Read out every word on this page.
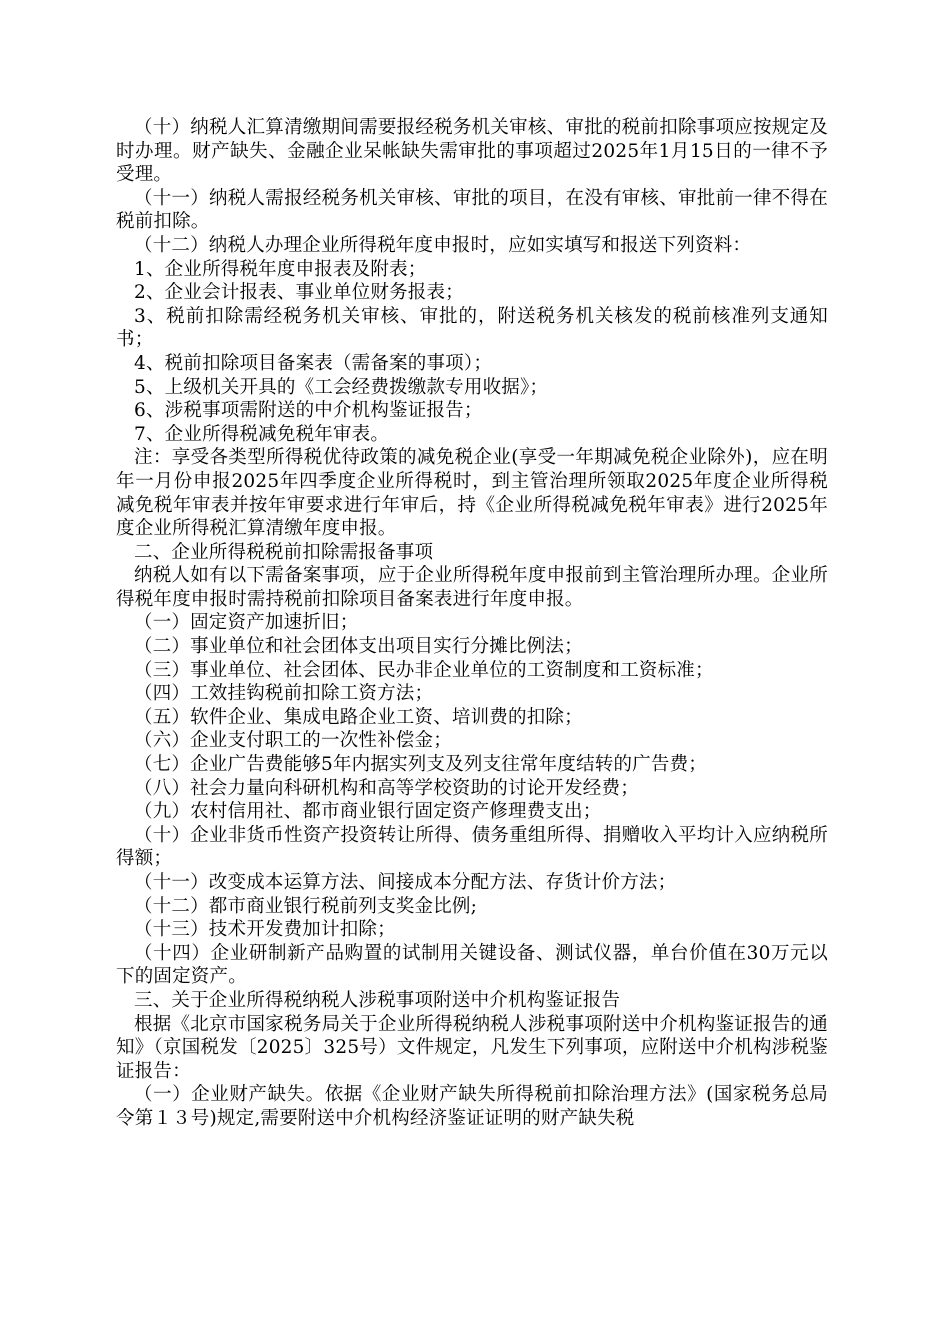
（十）纳税人汇算清缴期间需要报经税务机关审核、审批的税前扣除事项应按规定及时办理。财产缺失、金融企业呆帐缺失需审批的事项超过2025年1月15日的一律不予受理。

（十一）纳税人需报经税务机关审核、审批的项目，在没有审核、审批前一律不得在税前扣除。

（十二）纳税人办理企业所得税年度申报时，应如实填写和报送下列资料：

1、企业所得税年度申报表及附表；

2、企业会计报表、事业单位财务报表；

3、税前扣除需经税务机关审核、审批的，附送税务机关核发的税前核准列支通知书；

4、税前扣除项目备案表（需备案的事项）；

5、上级机关开具的《工会经费拨缴款专用收据》；

6、涉税事项需附送的中介机构鉴证报告；

7、企业所得税减免税年审表。

注：享受各类型所得税优待政策的减免税企业(享受一年期减免税企业除外)，应在明年一月份申报2025年四季度企业所得税时，到主管治理所领取2025年度企业所得税减免税年审表并按年审要求进行年审后，持《企业所得税减免税年审表》进行2025年度企业所得税汇算清缴年度申报。

二、企业所得税税前扣除需报备事项

纳税人如有以下需备案事项，应于企业所得税年度申报前到主管治理所办理。企业所得税年度申报时需持税前扣除项目备案表进行年度申报。

（一）固定资产加速折旧；

（二）事业单位和社会团体支出项目实行分摊比例法；

（三）事业单位、社会团体、民办非企业单位的工资制度和工资标准；

（四）工效挂钩税前扣除工资方法；

（五）软件企业、集成电路企业工资、培训费的扣除；

（六）企业支付职工的一次性补偿金；

（七）企业广告费能够5年内据实列支及列支往常年度结转的广告费；

（八）社会力量向科研机构和高等学校资助的讨论开发经费；

（九）农村信用社、都市商业银行固定资产修理费支出；

（十）企业非货币性资产投资转让所得、债务重组所得、捐赠收入平均计入应纳税所得额；

（十一）改变成本运算方法、间接成本分配方法、存货计价方法；

（十二）都市商业银行税前列支奖金比例;

（十三）技术开发费加计扣除；

（十四）企业研制新产品购置的试制用关键设备、测试仪器，单台价值在30万元以下的固定资产。

三、关于企业所得税纳税人涉税事项附送中介机构鉴证报告

根据《北京市国家税务局关于企业所得税纳税人涉税事项附送中介机构鉴证报告的通知》（京国税发〔2025〕325号）文件规定，凡发生下列事项，应附送中介机构涉税鉴证报告：

（一）企业财产缺失。依据《企业财产缺失所得税前扣除治理方法》(国家税务总局令第１３号)规定,需要附送中介机构经济鉴证证明的财产缺失税
